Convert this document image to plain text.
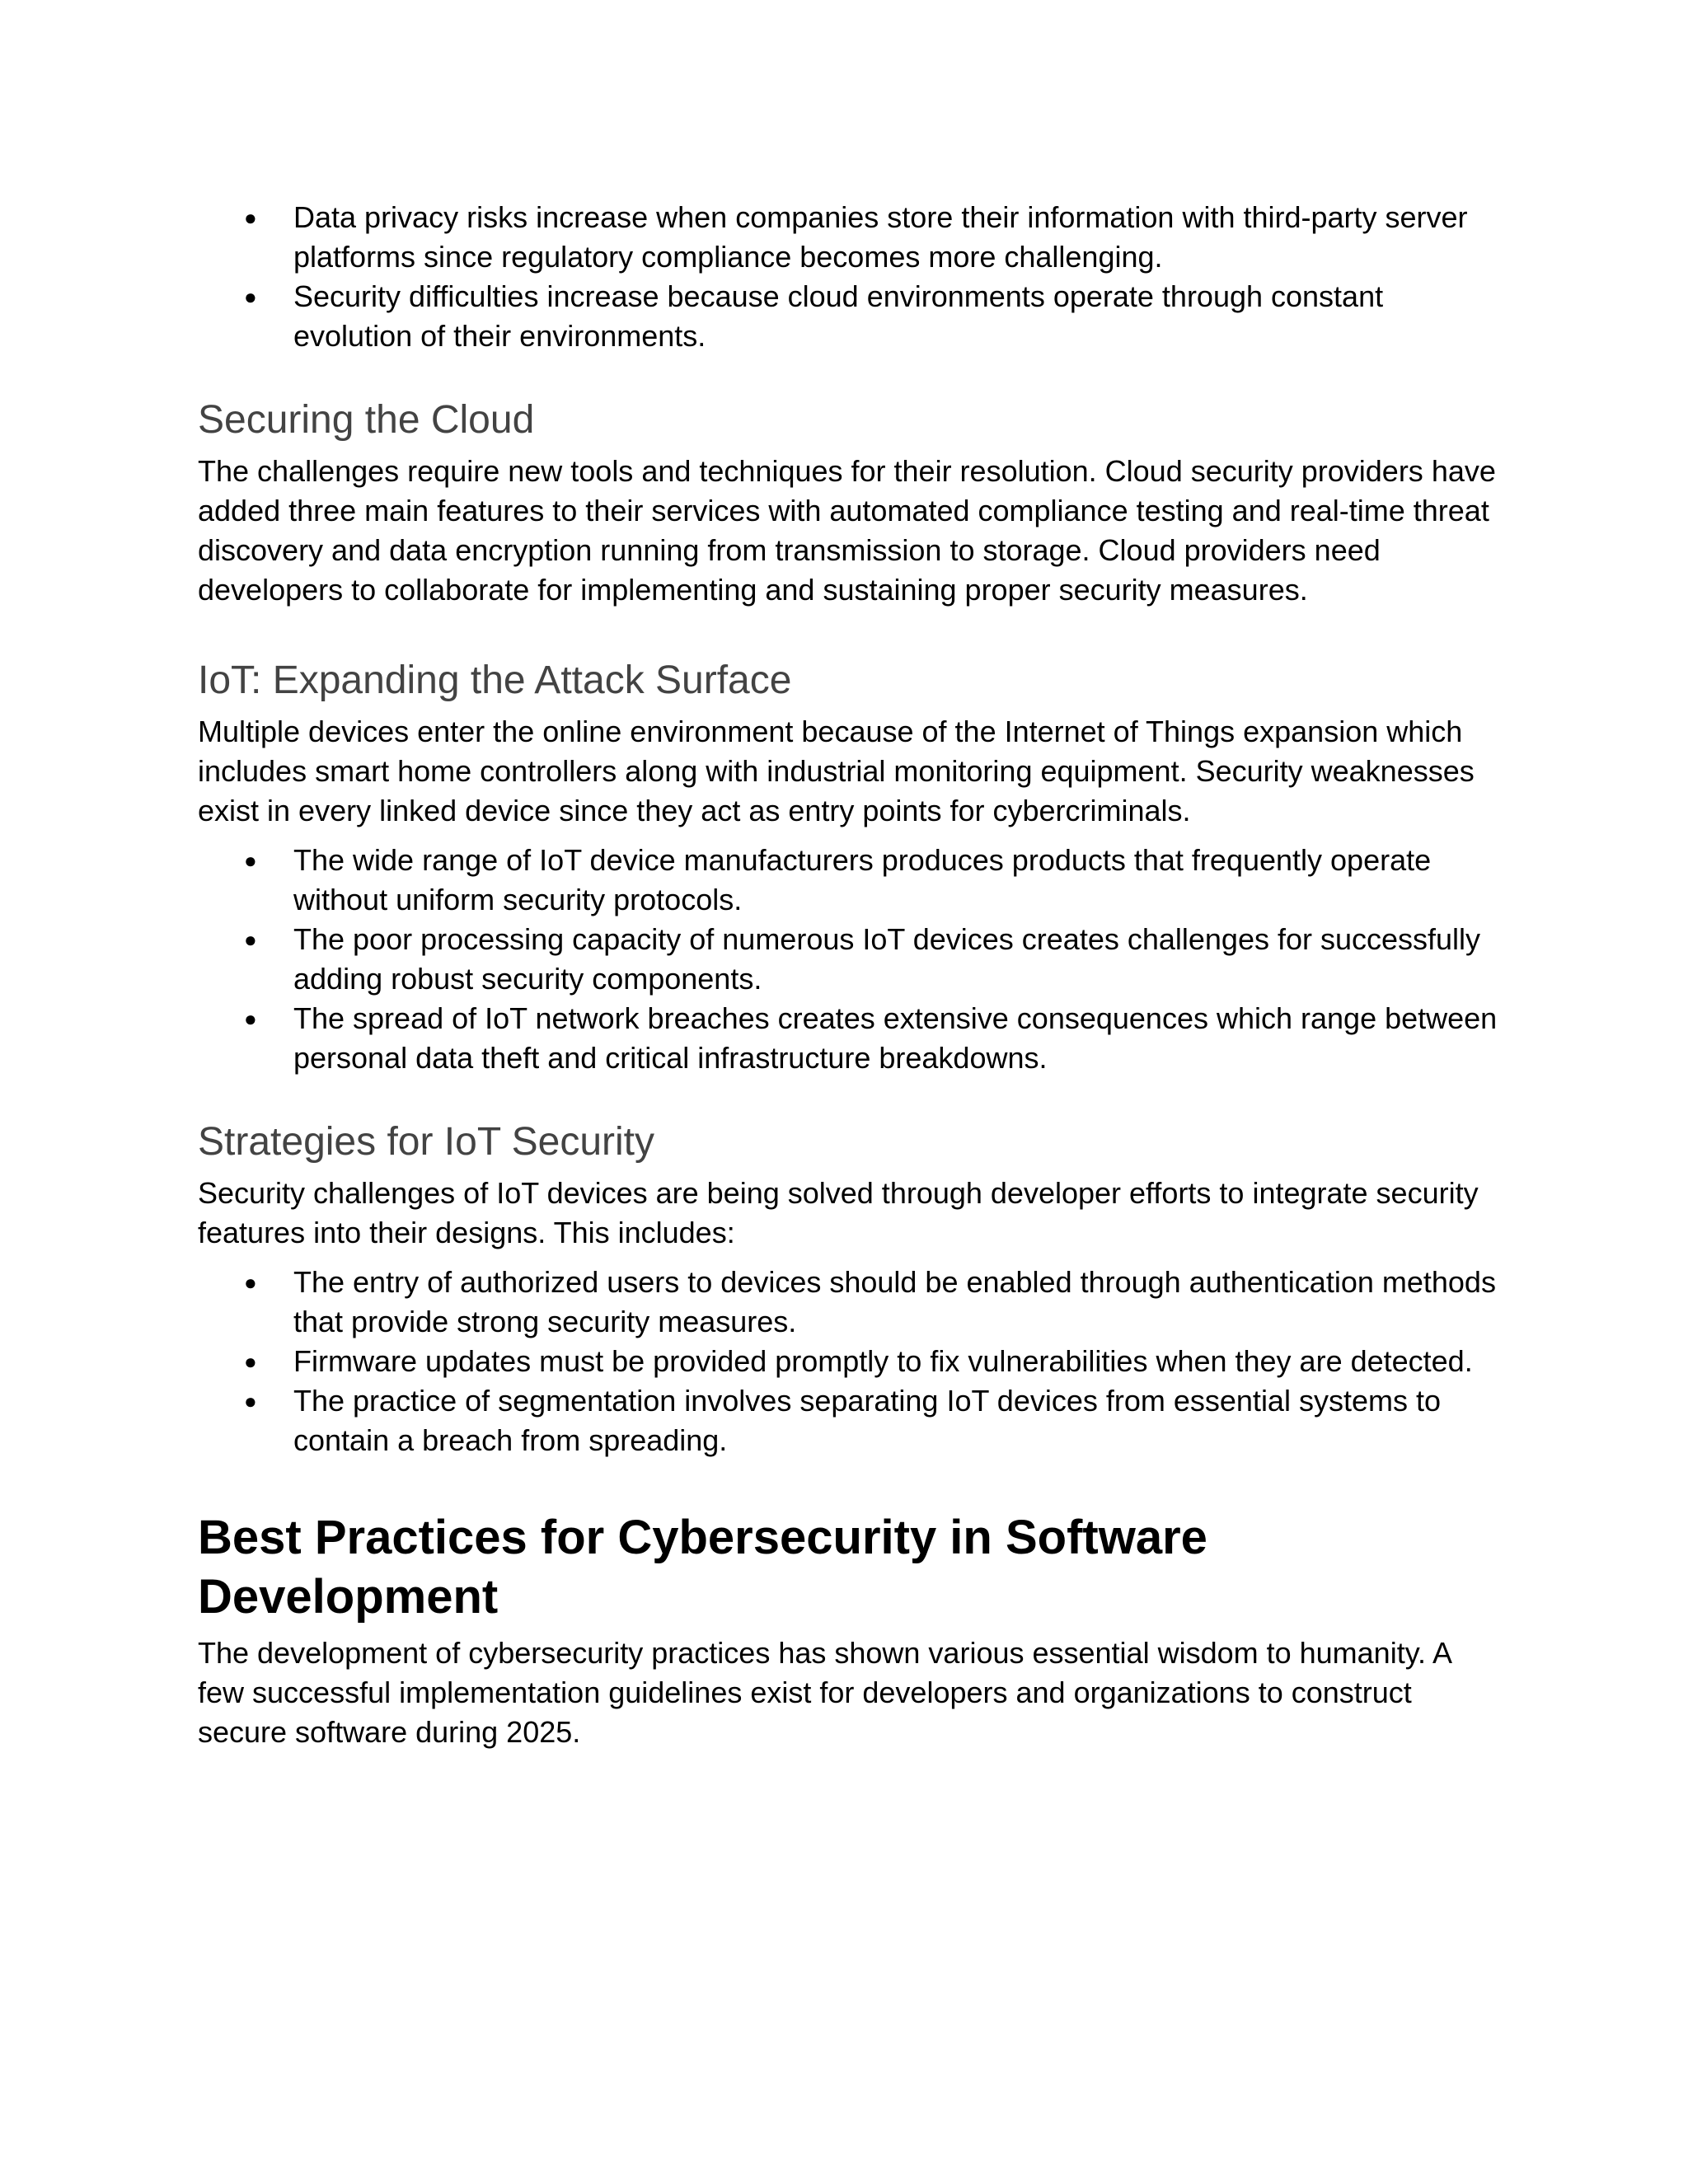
● Data privacy risks increase when companies store their information with third-party server platforms since regulatory compliance becomes more challenging.
● Security difficulties increase because cloud environments operate through constant evolution of their environments.
Securing the Cloud

The challenges require new tools and techniques for their resolution. Cloud security providers have added three main features to their services with automated compliance testing and real-time threat discovery and data encryption running from transmission to storage. Cloud providers need developers to collaborate for implementing and sustaining proper security measures.

IoT: Expanding the Attack Surface

Multiple devices enter the online environment because of the Internet of Things expansion which includes smart home controllers along with industrial monitoring equipment. Security weaknesses exist in every linked device since they act as entry points for cybercriminals.

● The wide range of IoT device manufacturers produces products that frequently operate without uniform security protocols.
● The poor processing capacity of numerous IoT devices creates challenges for successfully adding robust security components.
● The spread of IoT network breaches creates extensive consequences which range between personal data theft and critical infrastructure breakdowns.
Strategies for IoT Security

Security challenges of IoT devices are being solved through developer efforts to integrate security features into their designs. This includes:

● The entry of authorized users to devices should be enabled through authentication methods that provide strong security measures.
● Firmware updates must be provided promptly to fix vulnerabilities when they are detected.
● The practice of segmentation involves separating IoT devices from essential systems to contain a breach from spreading.
Best Practices for Cybersecurity in Software Development

The development of cybersecurity practices has shown various essential wisdom to humanity. A few successful implementation guidelines exist for developers and organizations to construct secure software during 2025.
